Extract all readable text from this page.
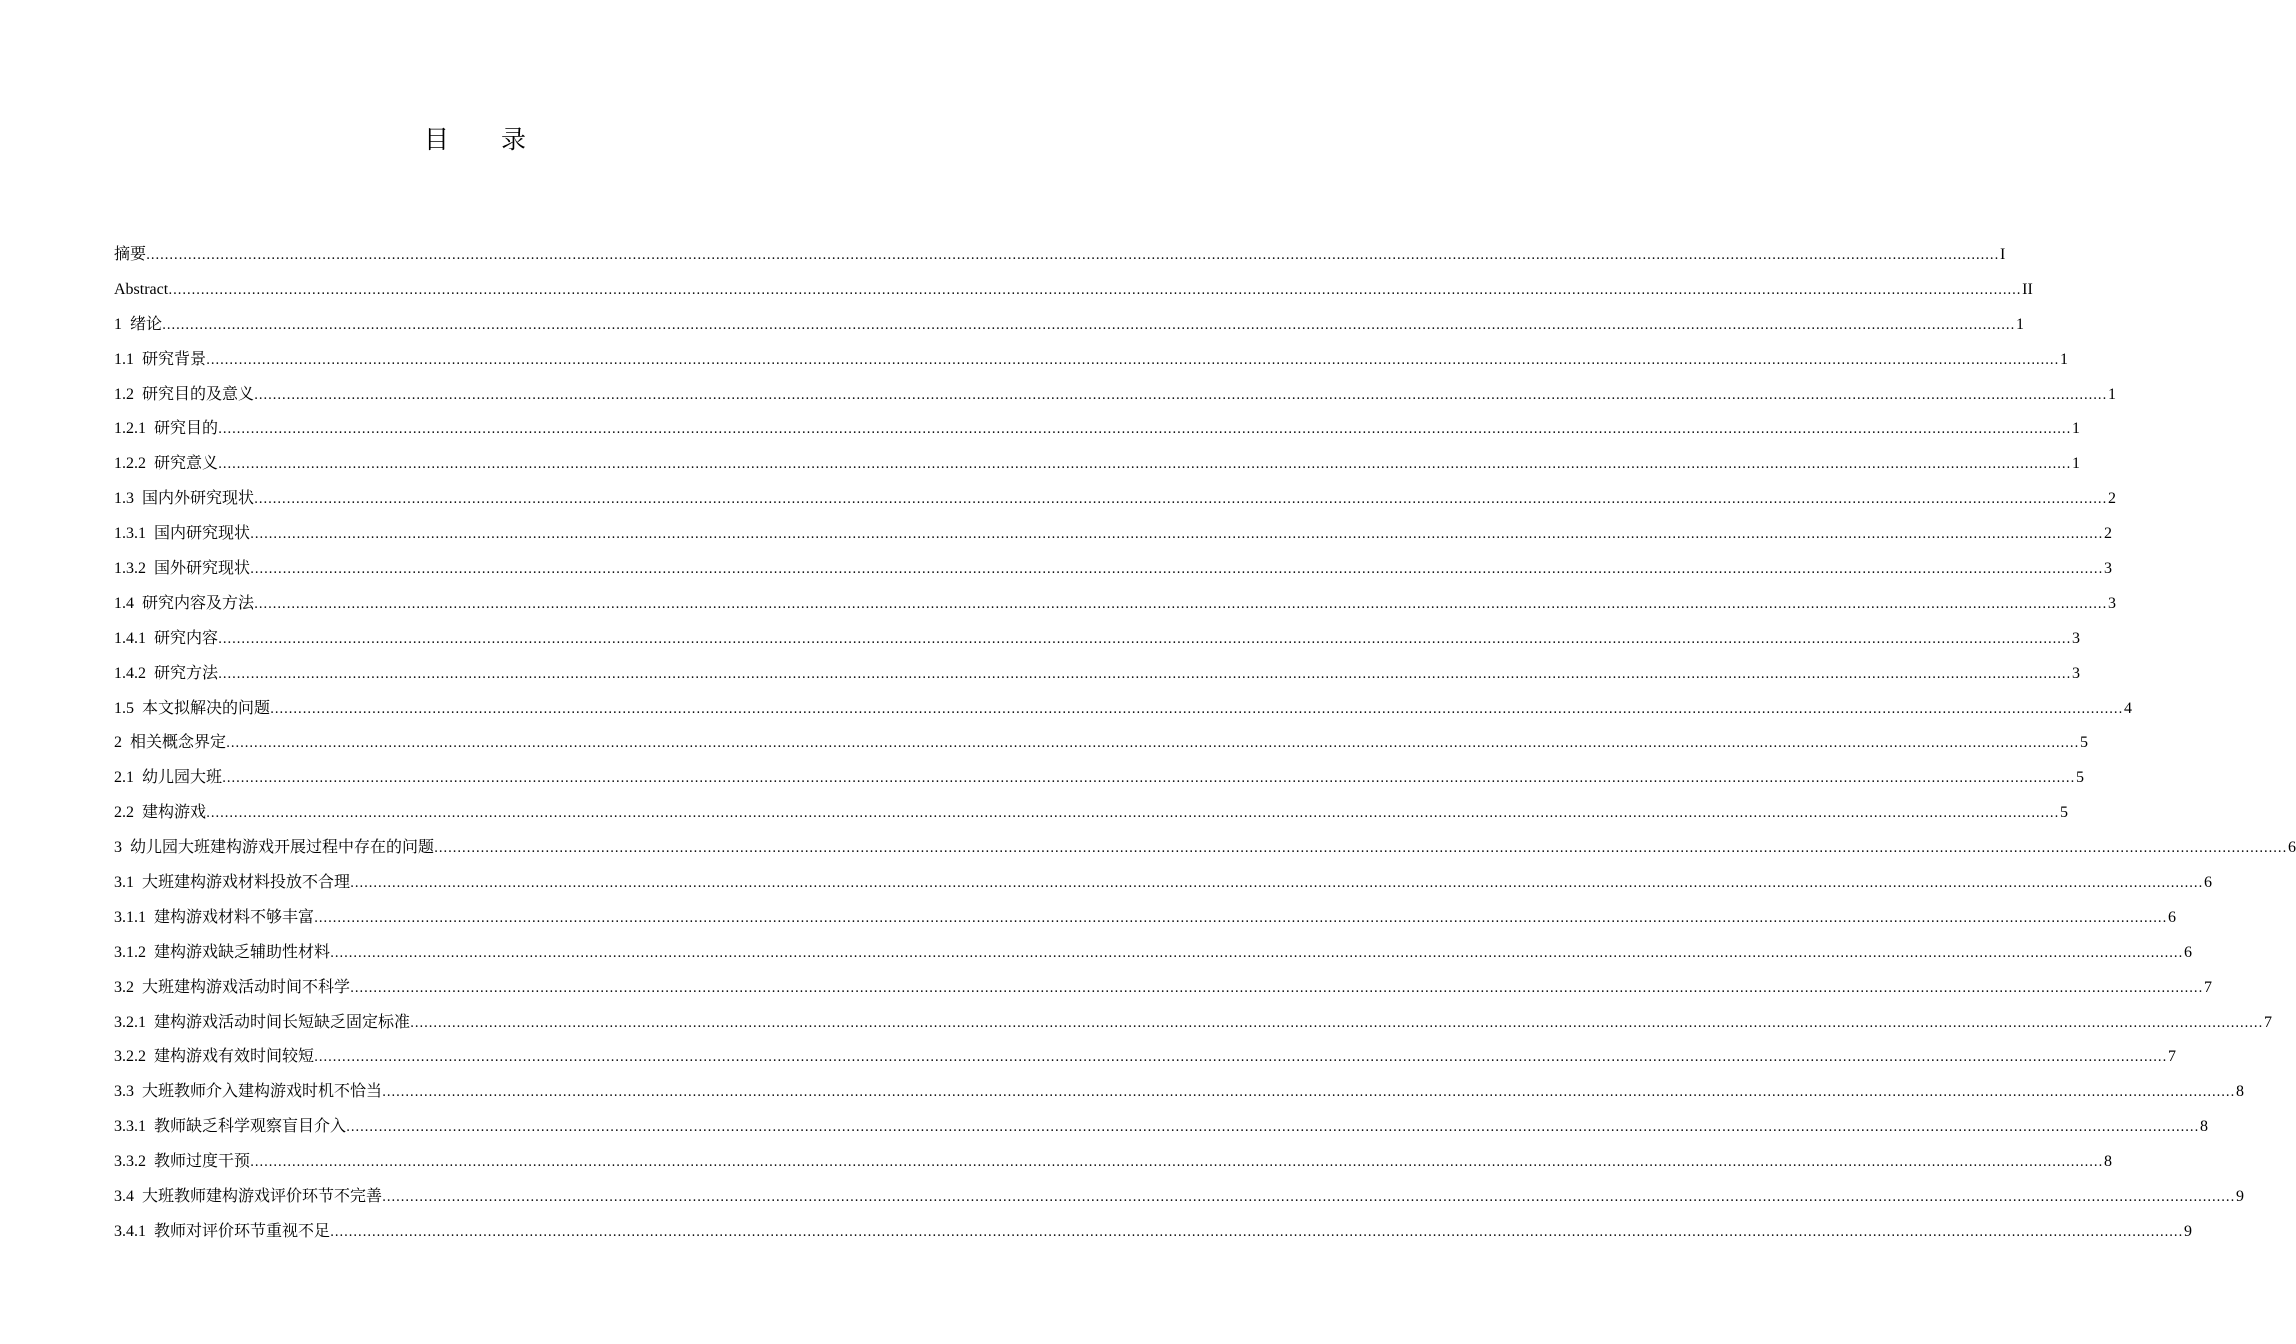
目 录
摘要 ................................................................................................................................................................................................................................................................................................................................................................................................................ I
Abstract ................................................................................................................................................................................................................................................................................................................................................................................................................ II
1 绪论 ................................................................................................................................................................................................................................................................................................................................................................................................................ 1
1.1 研究背景 ................................................................................................................................................................................................................................................................................................................................................................................................................ 1
1.2 研究目的及意义 ................................................................................................................................................................................................................................................................................................................................................................................................................ 1
1.2.1 研究目的 ................................................................................................................................................................................................................................................................................................................................................................................................................ 1
1.2.2 研究意义 ................................................................................................................................................................................................................................................................................................................................................................................................................ 1
1.3 国内外研究现状 ................................................................................................................................................................................................................................................................................................................................................................................................................ 2
1.3.1 国内研究现状 ................................................................................................................................................................................................................................................................................................................................................................................................................ 2
1.3.2 国外研究现状 ................................................................................................................................................................................................................................................................................................................................................................................................................ 3
1.4 研究内容及方法 ................................................................................................................................................................................................................................................................................................................................................................................................................ 3
1.4.1 研究内容 ................................................................................................................................................................................................................................................................................................................................................................................................................ 3
1.4.2 研究方法 ................................................................................................................................................................................................................................................................................................................................................................................................................ 3
1.5 本文拟解决的问题 ................................................................................................................................................................................................................................................................................................................................................................................................................ 4
2 相关概念界定 ................................................................................................................................................................................................................................................................................................................................................................................................................ 5
2.1 幼儿园大班 ................................................................................................................................................................................................................................................................................................................................................................................................................ 5
2.2 建构游戏 ................................................................................................................................................................................................................................................................................................................................................................................................................ 5
3 幼儿园大班建构游戏开展过程中存在的问题 ................................................................................................................................................................................................................................................................................................................................................................................................................ 6
3.1 大班建构游戏材料投放不合理 ................................................................................................................................................................................................................................................................................................................................................................................................................ 6
3.1.1 建构游戏材料不够丰富 ................................................................................................................................................................................................................................................................................................................................................................................................................ 6
3.1.2 建构游戏缺乏辅助性材料 ................................................................................................................................................................................................................................................................................................................................................................................................................ 6
3.2 大班建构游戏活动时间不科学 ................................................................................................................................................................................................................................................................................................................................................................................................................ 7
3.2.1 建构游戏活动时间长短缺乏固定标准 ................................................................................................................................................................................................................................................................................................................................................................................................................ 7
3.2.2 建构游戏有效时间较短 ................................................................................................................................................................................................................................................................................................................................................................................................................ 7
3.3 大班教师介入建构游戏时机不恰当 ................................................................................................................................................................................................................................................................................................................................................................................................................ 8
3.3.1 教师缺乏科学观察盲目介入 ................................................................................................................................................................................................................................................................................................................................................................................................................ 8
3.3.2 教师过度干预 ................................................................................................................................................................................................................................................................................................................................................................................................................ 8
3.4 大班教师建构游戏评价环节不完善 ................................................................................................................................................................................................................................................................................................................................................................................................................ 9
3.4.1 教师对评价环节重视不足 ................................................................................................................................................................................................................................................................................................................................................................................................................ 9
